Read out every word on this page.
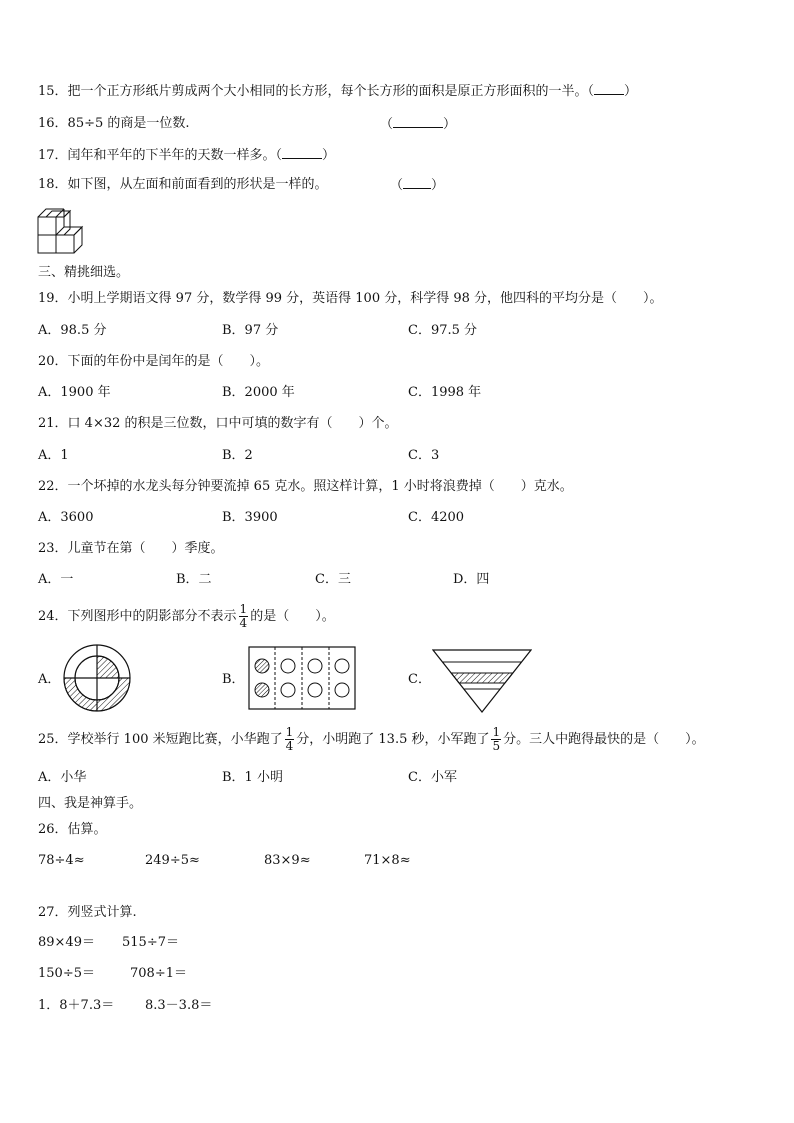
15．把一个正方形纸片剪成两个大小相同的长方形，每个长方形的面积是原正方形面积的一半。（ ）
16．85÷5 的商是一位数.	（	）
17．闰年和平年的下半年的天数一样多。（	）
18．如下图，从左面和前面看到的形状是一样的。	（ ）
三、精挑细选。
19．小明上学期语文得 97 分，数学得 99 分，英语得 100 分，科学得 98 分，他四科的平均分是（　　）。
A．98.5 分	B．97 分	C．97.5 分
20．下面的年份中是闰年的是（　　）。
A．1900 年	B．2000 年	C．1998 年
21．口 4×32 的积是三位数，口中可填的数字有（　　）个。
A．1	B．2	C．3
22．一个坏掉的水龙头每分钟要流掉 65 克水。照这样计算，1 小时将浪费掉（　　）克水。
A．3600	B．3900	C．4200
23．儿童节在第（　　）季度。
A．一	B．二	C．三	D．四
24．下列图形中的阴影部分不表示 $\frac{1}{4}$ 的是（　　）。
A．	B．	C．
25．学校举行 100 米短跑比赛，小华跑了 $\frac{1}{4}$ 分，小明跑了 13.5 秒，小军跑了 $\frac{1}{5}$ 分。三人中跑得最快的是（　　）。
A．小华	B．1 小明	C．小军
四、我是神算手。
26．估算。
78÷4≈	249÷5≈	83×9≈	71×8≈
27．列竖式计算.
89×49＝ 515÷7＝
150÷5＝	708÷1＝
1．8＋7.3＝ 8.3－3.8＝
